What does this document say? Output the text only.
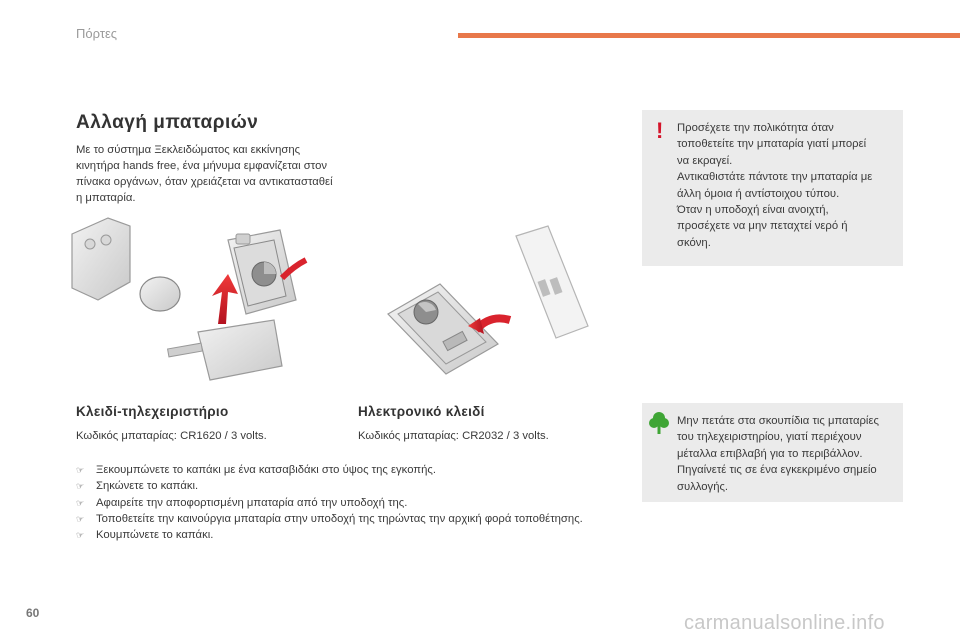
Πόρτες
Αλλαγή μπαταριών
Με το σύστημα Ξεκλειδώματος και εκκίνησης κινητήρα hands free, ένα μήνυμα εμφανίζεται στον πίνακα οργάνων, όταν χρειάζεται να αντικατασταθεί η μπαταρία.
! Προσέχετε την πολικότητα όταν
τοποθετείτε την μπαταρία γιατί μπορεί
να εκραγεί.
Αντικαθιστάτε πάντοτε την μπαταρία με
άλλη όμοια ή αντίστοιχου τύπου.
Όταν η υποδοχή είναι ανοιχτή,
προσέχετε να μην πεταχτεί νερό ή
σκόνη.
Κλειδί-τηλεχειριστήριο
Κωδικός μπαταρίας: CR1620 / 3 volts.
Ηλεκτρονικό κλειδί
Κωδικός μπαταρίας: CR2032 / 3 volts.
Μην πετάτε στα σκουπίδια τις μπαταρίες
του τηλεχειριστηρίου, γιατί περιέχουν
μέταλλα επιβλαβή για το περιβάλλον.
Πηγαίνετέ τις σε ένα εγκεκριμένο σημείο
συλλογής.
☞ Ξεκουμπώνετε το καπάκι με ένα κατσαβιδάκι στο ύψος της εγκοπής.
☞ Σηκώνετε το καπάκι.
☞ Αφαιρείτε την αποφορτισμένη μπαταρία από την υποδοχή της.
☞ Τοποθετείτε την καινούργια μπαταρία στην υποδοχή της τηρώντας την αρχική φορά τοποθέτησης.
☞ Κουμπώνετε το καπάκι.
60	carmanualsonline.info
